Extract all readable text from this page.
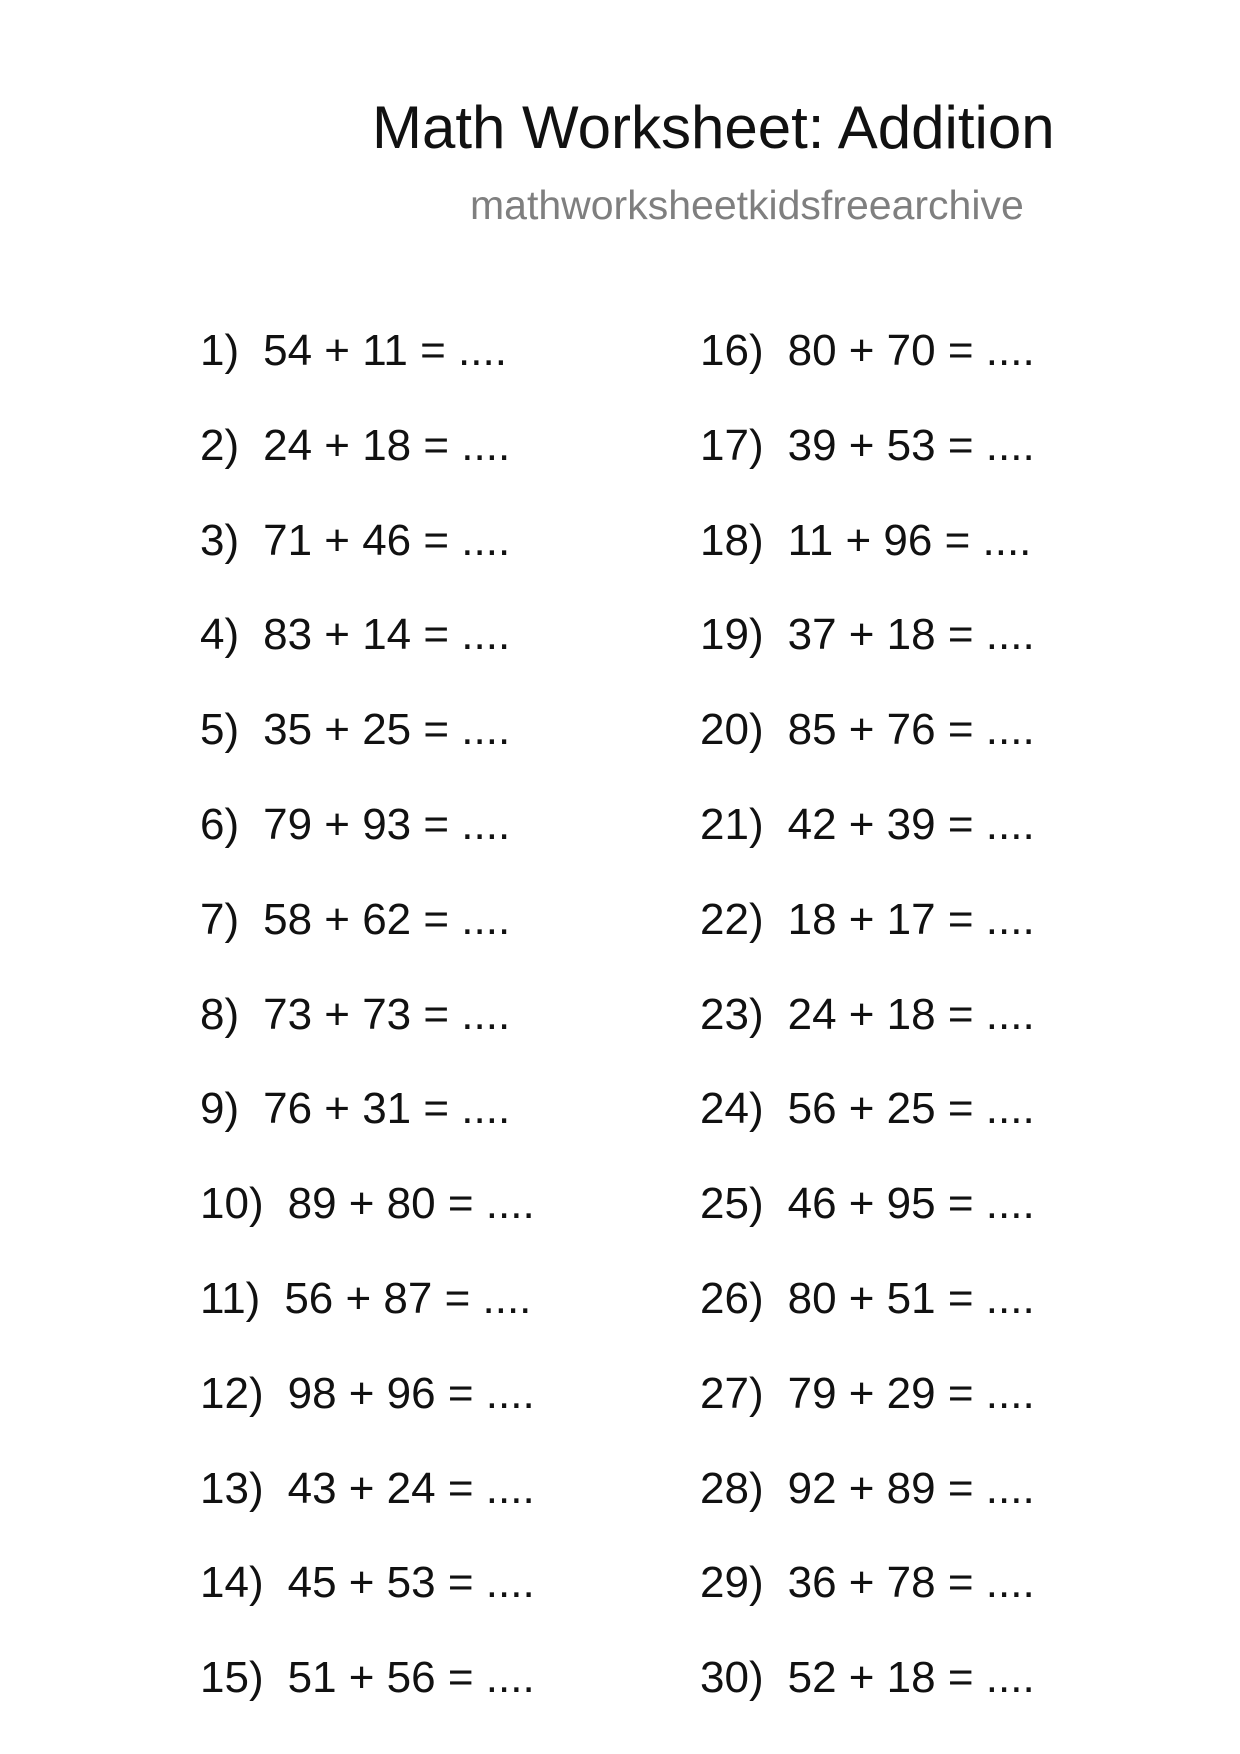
Math Worksheet: Addition
mathworksheetkidsfreearchive
1) 54 + 11 = ....
2) 24 + 18 = ....
3) 71 + 46 = ....
4) 83 + 14 = ....
5) 35 + 25 = ....
6) 79 + 93 = ....
7) 58 + 62 = ....
8) 73 + 73 = ....
9) 76 + 31 = ....
10) 89 + 80 = ....
11) 56 + 87 = ....
12) 98 + 96 = ....
13) 43 + 24 = ....
14) 45 + 53 = ....
15) 51 + 56 = ....
16) 80 + 70 = ....
17) 39 + 53 = ....
18) 11 + 96 = ....
19) 37 + 18 = ....
20) 85 + 76 = ....
21) 42 + 39 = ....
22) 18 + 17 = ....
23) 24 + 18 = ....
24) 56 + 25 = ....
25) 46 + 95 = ....
26) 80 + 51 = ....
27) 79 + 29 = ....
28) 92 + 89 = ....
29) 36 + 78 = ....
30) 52 + 18 = ....
